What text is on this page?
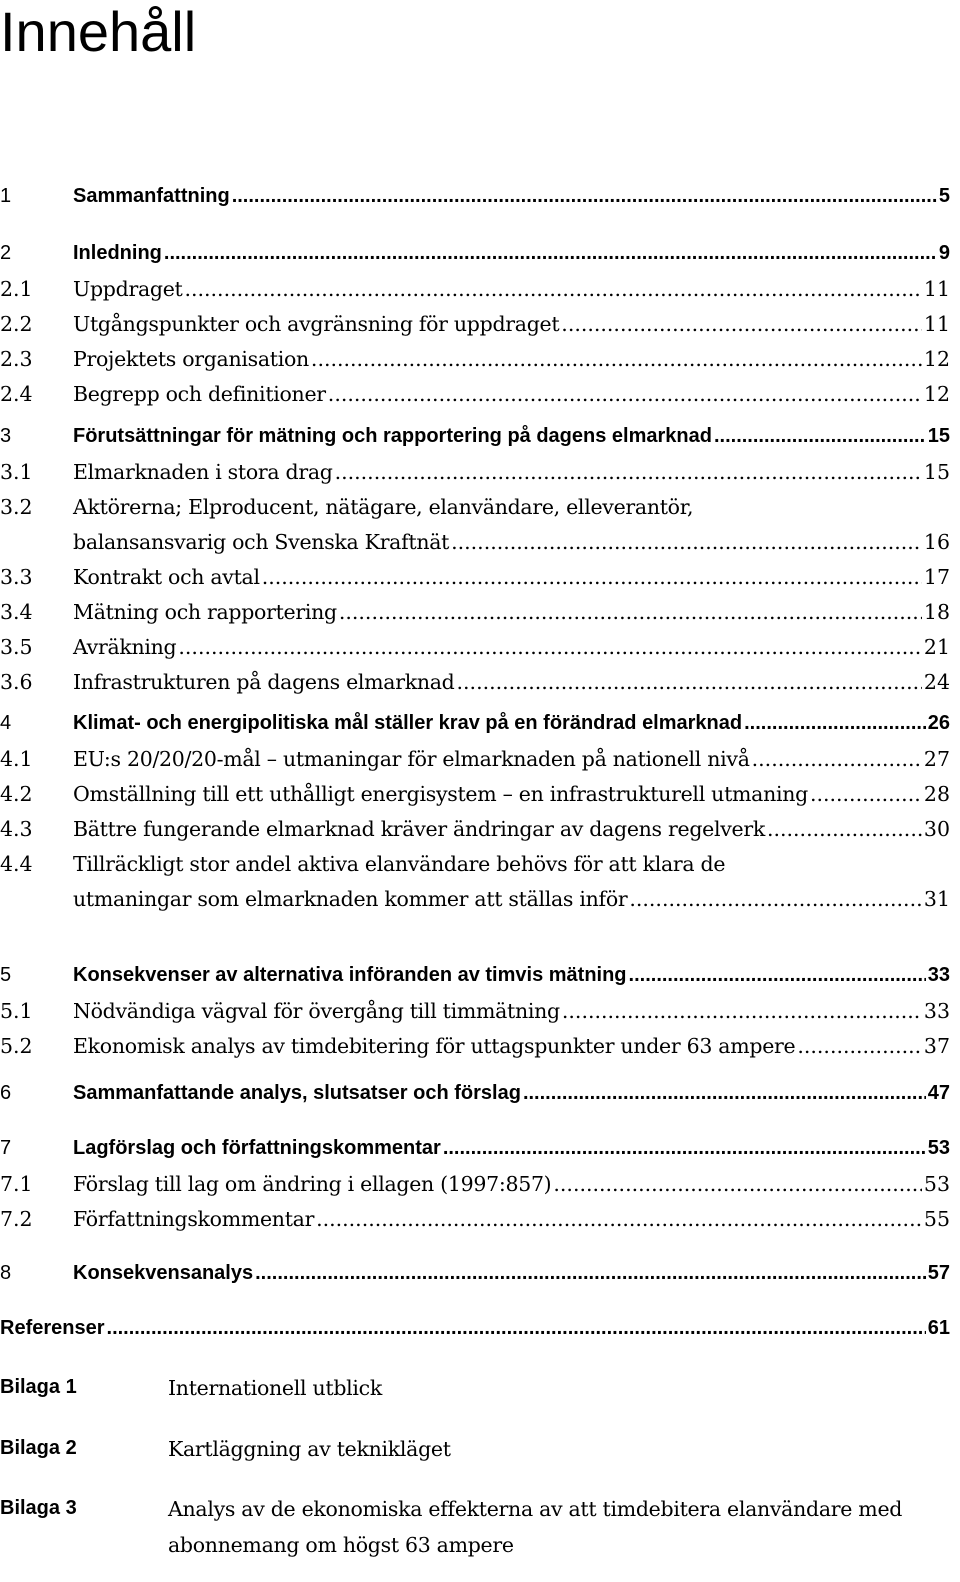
Innehåll
1	Sammanfattning .....	5
2	Inledning .....	9
2.1	Uppdraget .....	11
2.2	Utgångspunkter och avgränsning för uppdraget .....	11
2.3	Projektets organisation .....	12
2.4	Begrepp och definitioner .....	12
3	Förutsättningar för mätning och rapportering på dagens elmarknad .....	15
3.1	Elmarknaden i stora drag .....	15
3.2	Aktörerna; Elproducent, nätägare, elanvändare, elleverantör,
balansansvarig och Svenska Kraftnät .....	16
3.3	Kontrakt och avtal .....	17
3.4	Mätning och rapportering .....	18
3.5	Avräkning .....	21
3.6	Infrastrukturen på dagens elmarknad .....	24
4	Klimat- och energipolitiska mål ställer krav på en förändrad elmarknad .....	26
4.1	EU:s 20/20/20-mål – utmaningar för elmarknaden på nationell nivå .....	27
4.2	Omställning till ett uthålligt energisystem – en infrastrukturell utmaning .....	28
4.3	Bättre fungerande elmarknad kräver ändringar av dagens regelverk .....	30
4.4	Tillräckligt stor andel aktiva elanvändare behövs för att klara de
utmaningar som elmarknaden kommer att ställas inför .....	31
5	Konsekvenser av alternativa införanden av timvis mätning .....	33
5.1	Nödvändiga vägval för övergång till timmätning .....	33
5.2	Ekonomisk analys av timdebitering för uttagspunkter under 63 ampere .....	37
6	Sammanfattande analys, slutsatser och förslag .....	47
7	Lagförslag och författningskommentar .....	53
7.1	Förslag till lag om ändring i ellagen (1997:857) .....	53
7.2	Författningskommentar .....	55
8	Konsekvensanalys .....	57
Referenser .....	61
Bilaga 1	Internationell utblick
Bilaga 2	Kartläggning av teknikläget
Bilaga 3	Analys av de ekonomiska effekterna av att timdebitera elanvändare med abonnemang om högst 63 ampere
